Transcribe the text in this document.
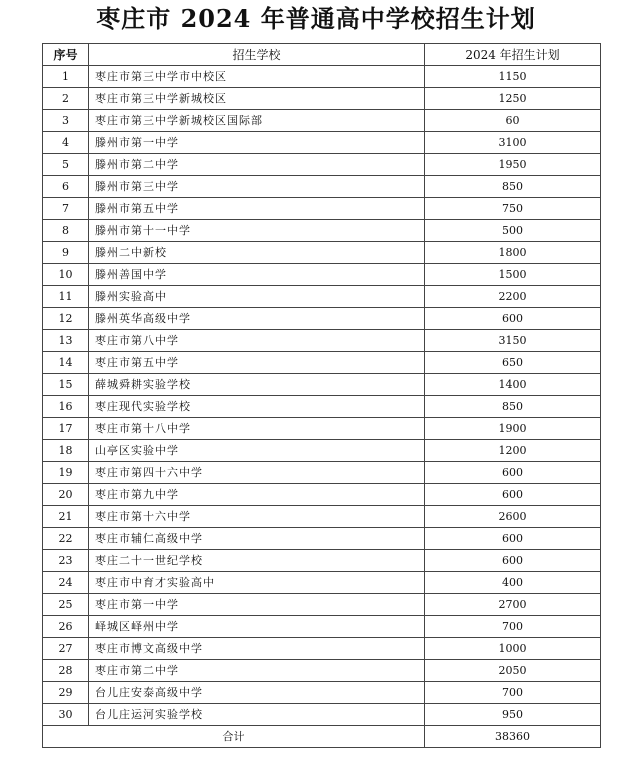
枣庄市 2024 年普通高中学校招生计划
序号	招生学校	2024 年招生计划
1	枣庄市第三中学市中校区	1150
2	枣庄市第三中学新城校区	1250
3	枣庄市第三中学新城校区国际部	60
4	滕州市第一中学	3100
5	滕州市第二中学	1950
6	滕州市第三中学	850
7	滕州市第五中学	750
8	滕州市第十一中学	500
9	滕州二中新校	1800
10	滕州善国中学	1500
11	滕州实验高中	2200
12	滕州英华高级中学	600
13	枣庄市第八中学	3150
14	枣庄市第五中学	650
15	薛城舜耕实验学校	1400
16	枣庄现代实验学校	850
17	枣庄市第十八中学	1900
18	山亭区实验中学	1200
19	枣庄市第四十六中学	600
20	枣庄市第九中学	600
21	枣庄市第十六中学	2600
22	枣庄市辅仁高级中学	600
23	枣庄二十一世纪学校	600
24	枣庄市中育才实验高中	400
25	枣庄市第一中学	2700
26	峄城区峄州中学	700
27	枣庄市博文高级中学	1000
28	枣庄市第二中学	2050
29	台儿庄安泰高级中学	700
30	台儿庄运河实验学校	950
合计		38360
